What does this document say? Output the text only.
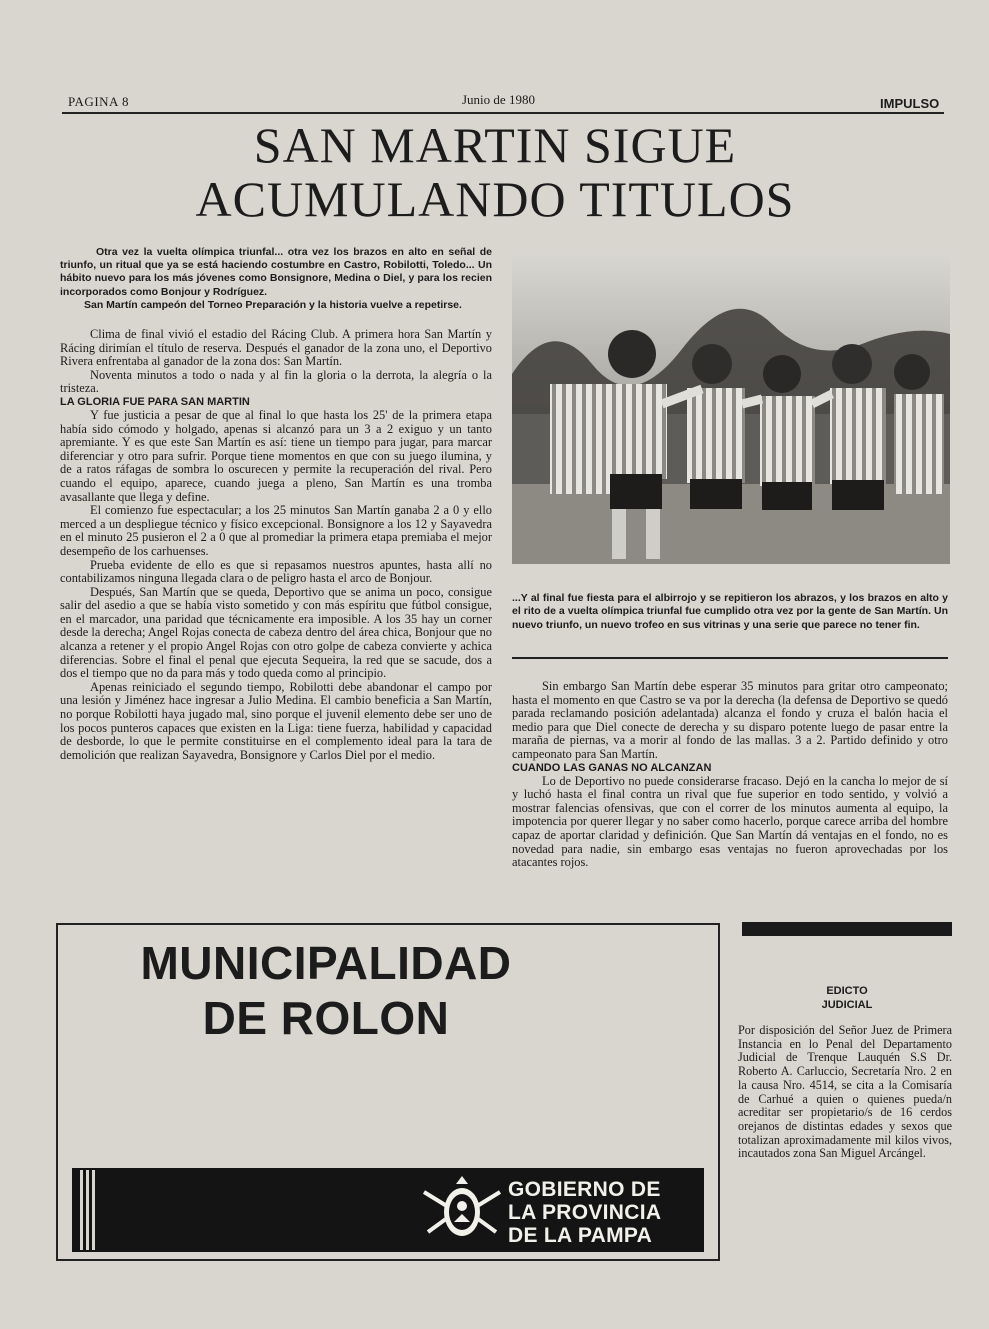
PAGINA 8	Junio de 1980	IMPULSO
SAN MARTIN SIGUE
ACUMULANDO TITULOS

Otra vez la vuelta olímpica triunfal... otra vez los brazos en alto en señal de triunfo, un ritual que ya se está haciendo costumbre en Castro, Robilotti, Toledo... Un hábito nuevo para los más jóvenes como Bonsignore, Medina o Diel, y para los recien incorporados como Bonjour y Rodríguez.

San Martín campeón del Torneo Preparación y la historia vuelve a repetirse.

Clima de final vivió el estadio del Rácing Club. A primera hora San Martín y Rácing dirimían el título de reserva. Después el ganador de la zona uno, el Deportivo Rivera enfrentaba al ganador de la zona dos: San Martín.

Noventa minutos a todo o nada y al fin la gloria o la derrota, la alegría o la tristeza.

LA GLORIA FUE PARA SAN MARTIN

Y fue justicia a pesar de que al final lo que hasta los 25' de la primera etapa había sido cómodo y holgado, apenas si alcanzó para un 3 a 2 exiguo y un tanto apremiante. Y es que este San Martín es así: tiene un tiempo para jugar, para marcar diferenciar y otro para sufrir. Porque tiene momentos en que con su juego ilumina, y de a ratos ráfagas de sombra lo oscurecen y permite la recuperación del rival. Pero cuando el equipo, aparece, cuando juega a pleno, San Martín es una tromba avasallante que llega y define.

El comienzo fue espectacular; a los 25 minutos San Martín ganaba 2 a 0 y ello merced a un despliegue técnico y físico excepcional. Bonsignore a los 12 y Sayavedra en el minuto 25 pusieron el 2 a 0 que al promediar la primera etapa premiaba el mejor desempeño de los carhuenses.

Prueba evidente de ello es que si repasamos nuestros apuntes, hasta allí no contabilizamos ninguna llegada clara o de peligro hasta el arco de Bonjour.

Después, San Martín que se queda, Deportivo que se anima un poco, consigue salir del asedio a que se había visto sometido y con más espíritu que fútbol consigue, en el marcador, una paridad que técnicamente era imposible. A los 35 hay un corner desde la derecha; Angel Rojas conecta de cabeza dentro del área chica, Bonjour que no alcanza a retener y el propio Angel Rojas con otro golpe de cabeza convierte y achica diferencias. Sobre el final el penal que ejecuta Sequeira, la red que se sacude, dos a dos el tiempo que no da para más y todo queda como al principio.

Apenas reiniciado el segundo tiempo, Robilotti debe abandonar el campo por una lesión y Jiménez hace ingresar a Julio Medina. El cambio beneficia a San Martín, no porque Robilotti haya jugado mal, sino porque el juvenil elemento debe ser uno de los pocos punteros capaces que existen en la Liga: tiene fuerza, habilidad y capacidad de desborde, lo que le permite constituirse en el complemento ideal para la tara de demolición que realizan Sayavedra, Bonsignore y Carlos Diel por el medio.

...Y al final fue fiesta para el albirrojo y se repitieron los abrazos, y los brazos en alto y el rito de a vuelta olímpica triunfal fue cumplido otra vez por la gente de San Martín. Un nuevo triunfo, un nuevo trofeo en sus vitrinas y una serie que parece no tener fin.

Sin embargo San Martín debe esperar 35 minutos para gritar otro campeonato; hasta el momento en que Castro se va por la derecha (la defensa de Deportivo se quedó parada reclamando posición adelantada) alcanza el fondo y cruza el balón hacia el medio para que Diel conecte de derecha y su disparo potente luego de pasar entre la maraña de piernas, va a morir al fondo de las mallas. 3 a 2. Partido definido y otro campeonato para San Martín.

CUANDO LAS GANAS NO ALCANZAN

Lo de Deportivo no puede considerarse fracaso. Dejó en la cancha lo mejor de sí y luchó hasta el final contra un rival que fue superior en todo sentido, y volvió a mostrar falencias ofensivas, que con el correr de los minutos aumenta al equipo, la impotencia por querer llegar y no saber como hacerlo, porque carece arriba del hombre capaz de aportar claridad y definición. Que San Martín dá ventajas en el fondo, no es novedad para nadie, sin embargo esas ventajas no fueron aprovechadas por los atacantes rojos.

MUNICIPALIDAD
DE ROLON
GOBIERNO DE
LA PROVINCIA
DE LA PAMPA
EDICTO
JUDICIAL
Por disposición del Señor Juez de Primera Instancia en lo Penal del Departamento Judicial de Trenque Lauquén S.S Dr. Roberto A. Carluccio, Secretaría Nro. 2 en la causa Nro. 4514, se cita a la Comisaría de Carhué a quien o quienes pueda/n acreditar ser propietario/s de 16 cerdos orejanos de distintas edades y sexos que totalizan aproximadamente mil kilos vivos, incautados zona San Miguel Arcángel.
